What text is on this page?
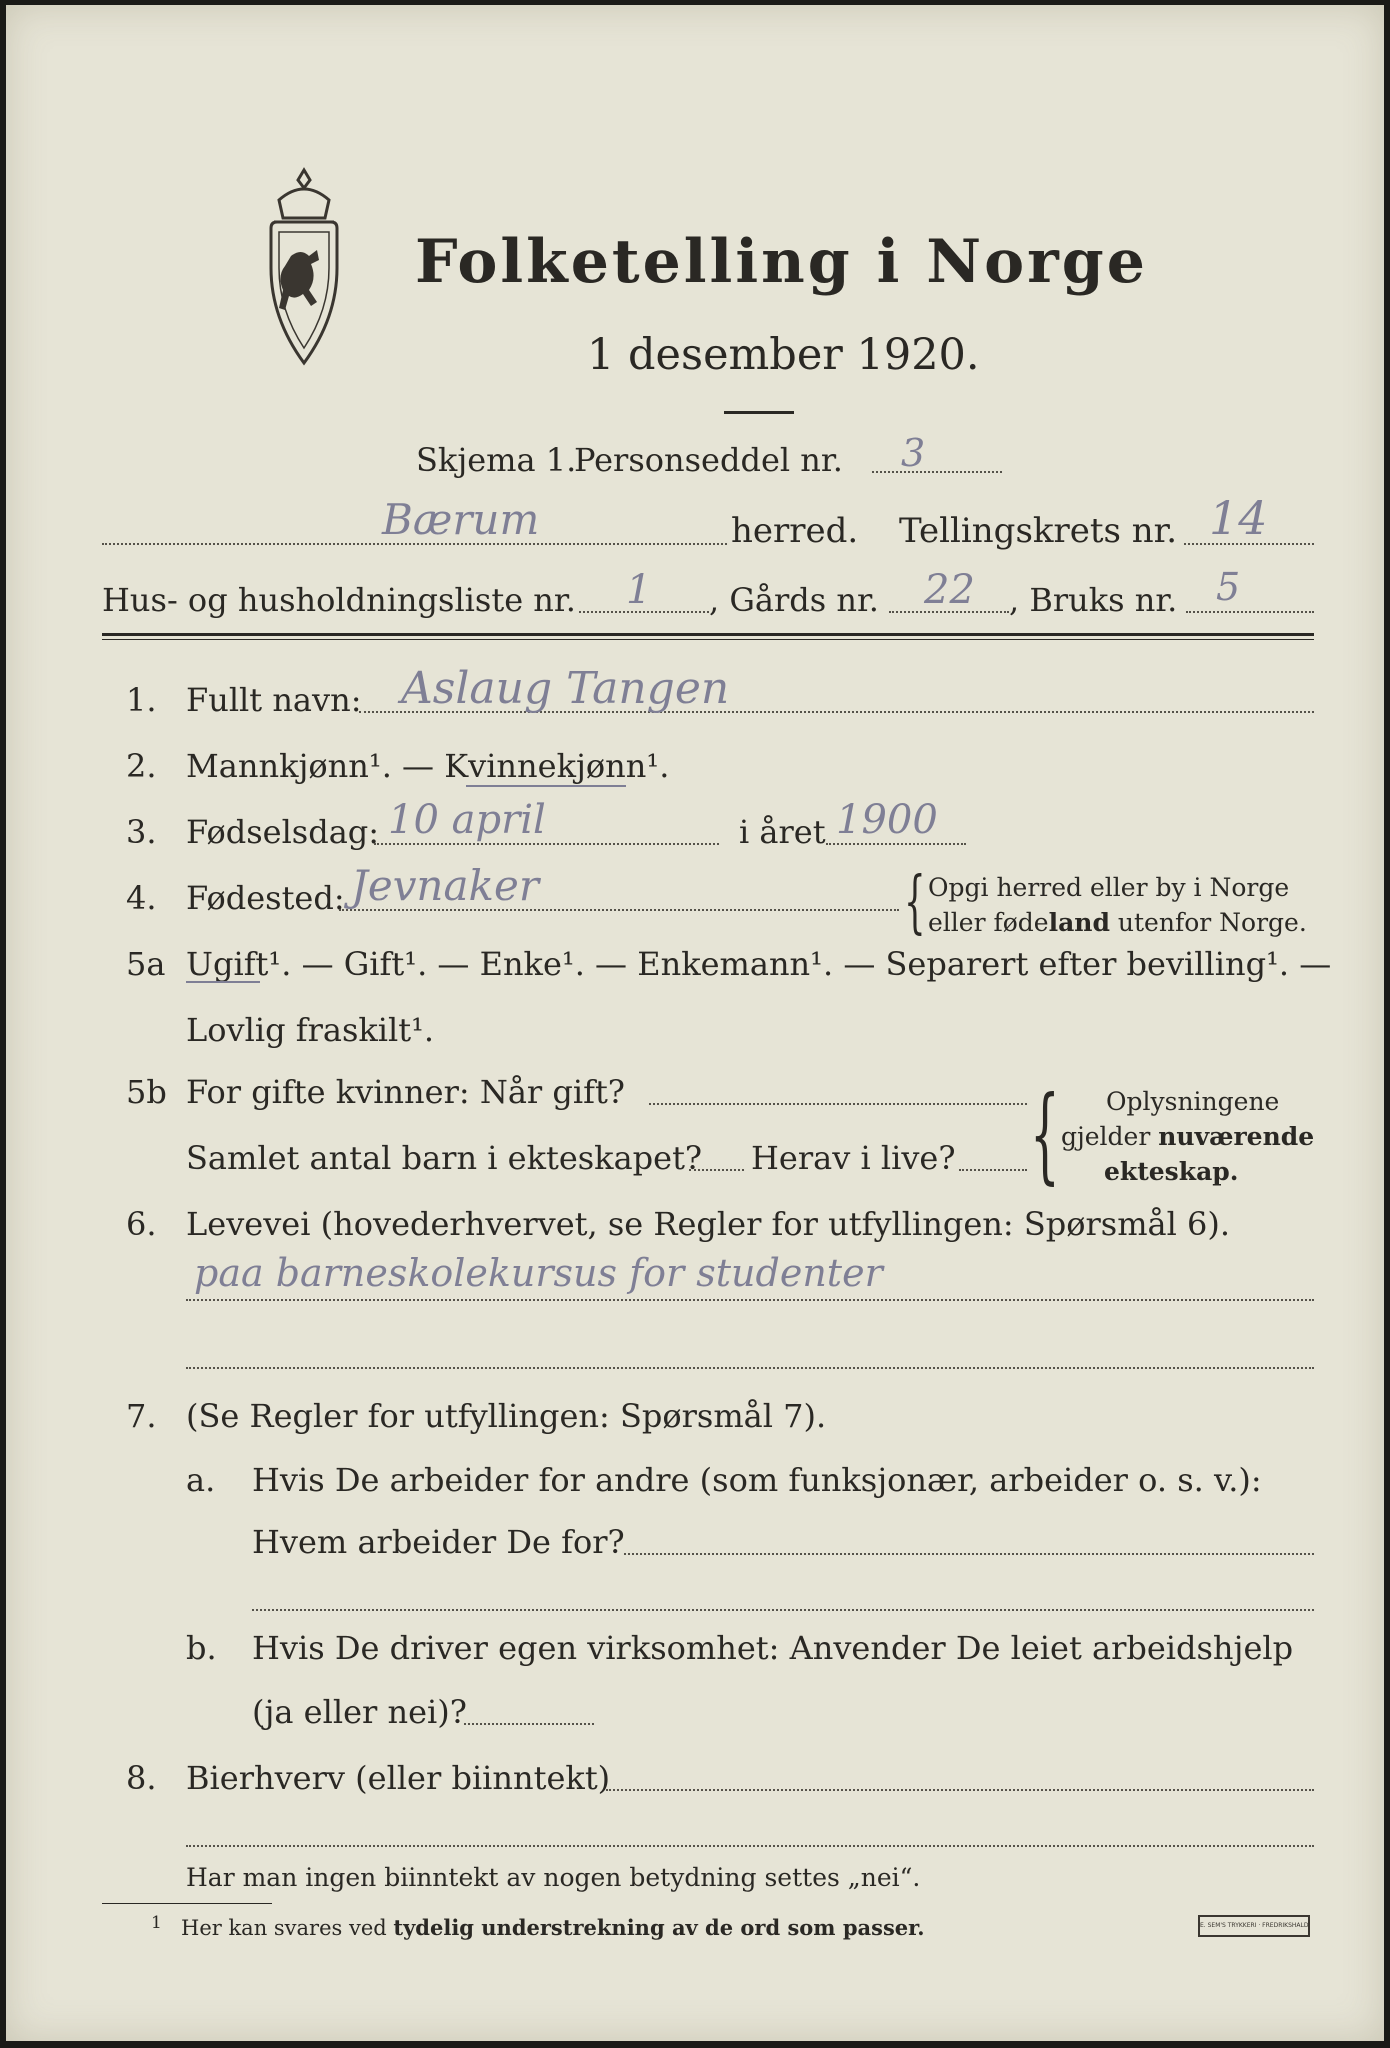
Folketelling i Norge
1 desember 1920.
Skjema 1.
Personseddel nr. 3
Bærum	herred. Tellingskrets nr. 14
Hus- og husholdningsliste nr. 1 , Gårds nr. 22 , Bruks nr. 5
1. Fullt navn: Aslaug Tangen
2. Mannkjønn¹. — Kvinnekjønn¹.
3. Fødselsdag: 10 april	i året 1900
4. Fødested: Jevnaker	{ Opgi herred eller by i Norge
eller fødeland utenfor Norge.
5a Ugift¹. — Gift¹. — Enke¹. — Enkemann¹. — Separert efter bevilling¹. —
Lovlig fraskilt¹.
5b For gifte kvinner: Når gift?
Samlet antal barn i ekteskapet? Herav i live? { Oplysningene
gjelder nuværende
ekteskap.
6. Levevei (hovederhvervet, se Regler for utfyllingen: Spørsmål 6).
paa barneskolekursus for studenter
7. (Se Regler for utfyllingen: Spørsmål 7).
a. Hvis De arbeider for andre (som funksjonær, arbeider o. s. v.):
Hvem arbeider De for?
b. Hvis De driver egen virksomhet: Anvender De leiet arbeidshjelp
(ja eller nei)?
8. Bierhverv (eller biinntekt)
Har man ingen biinntekt av nogen betydning settes „nei“.
1 Her kan svares ved tydelig understrekning av de ord som passer.	E. SEM'S TRYKKERI · FREDRIKSHALD
